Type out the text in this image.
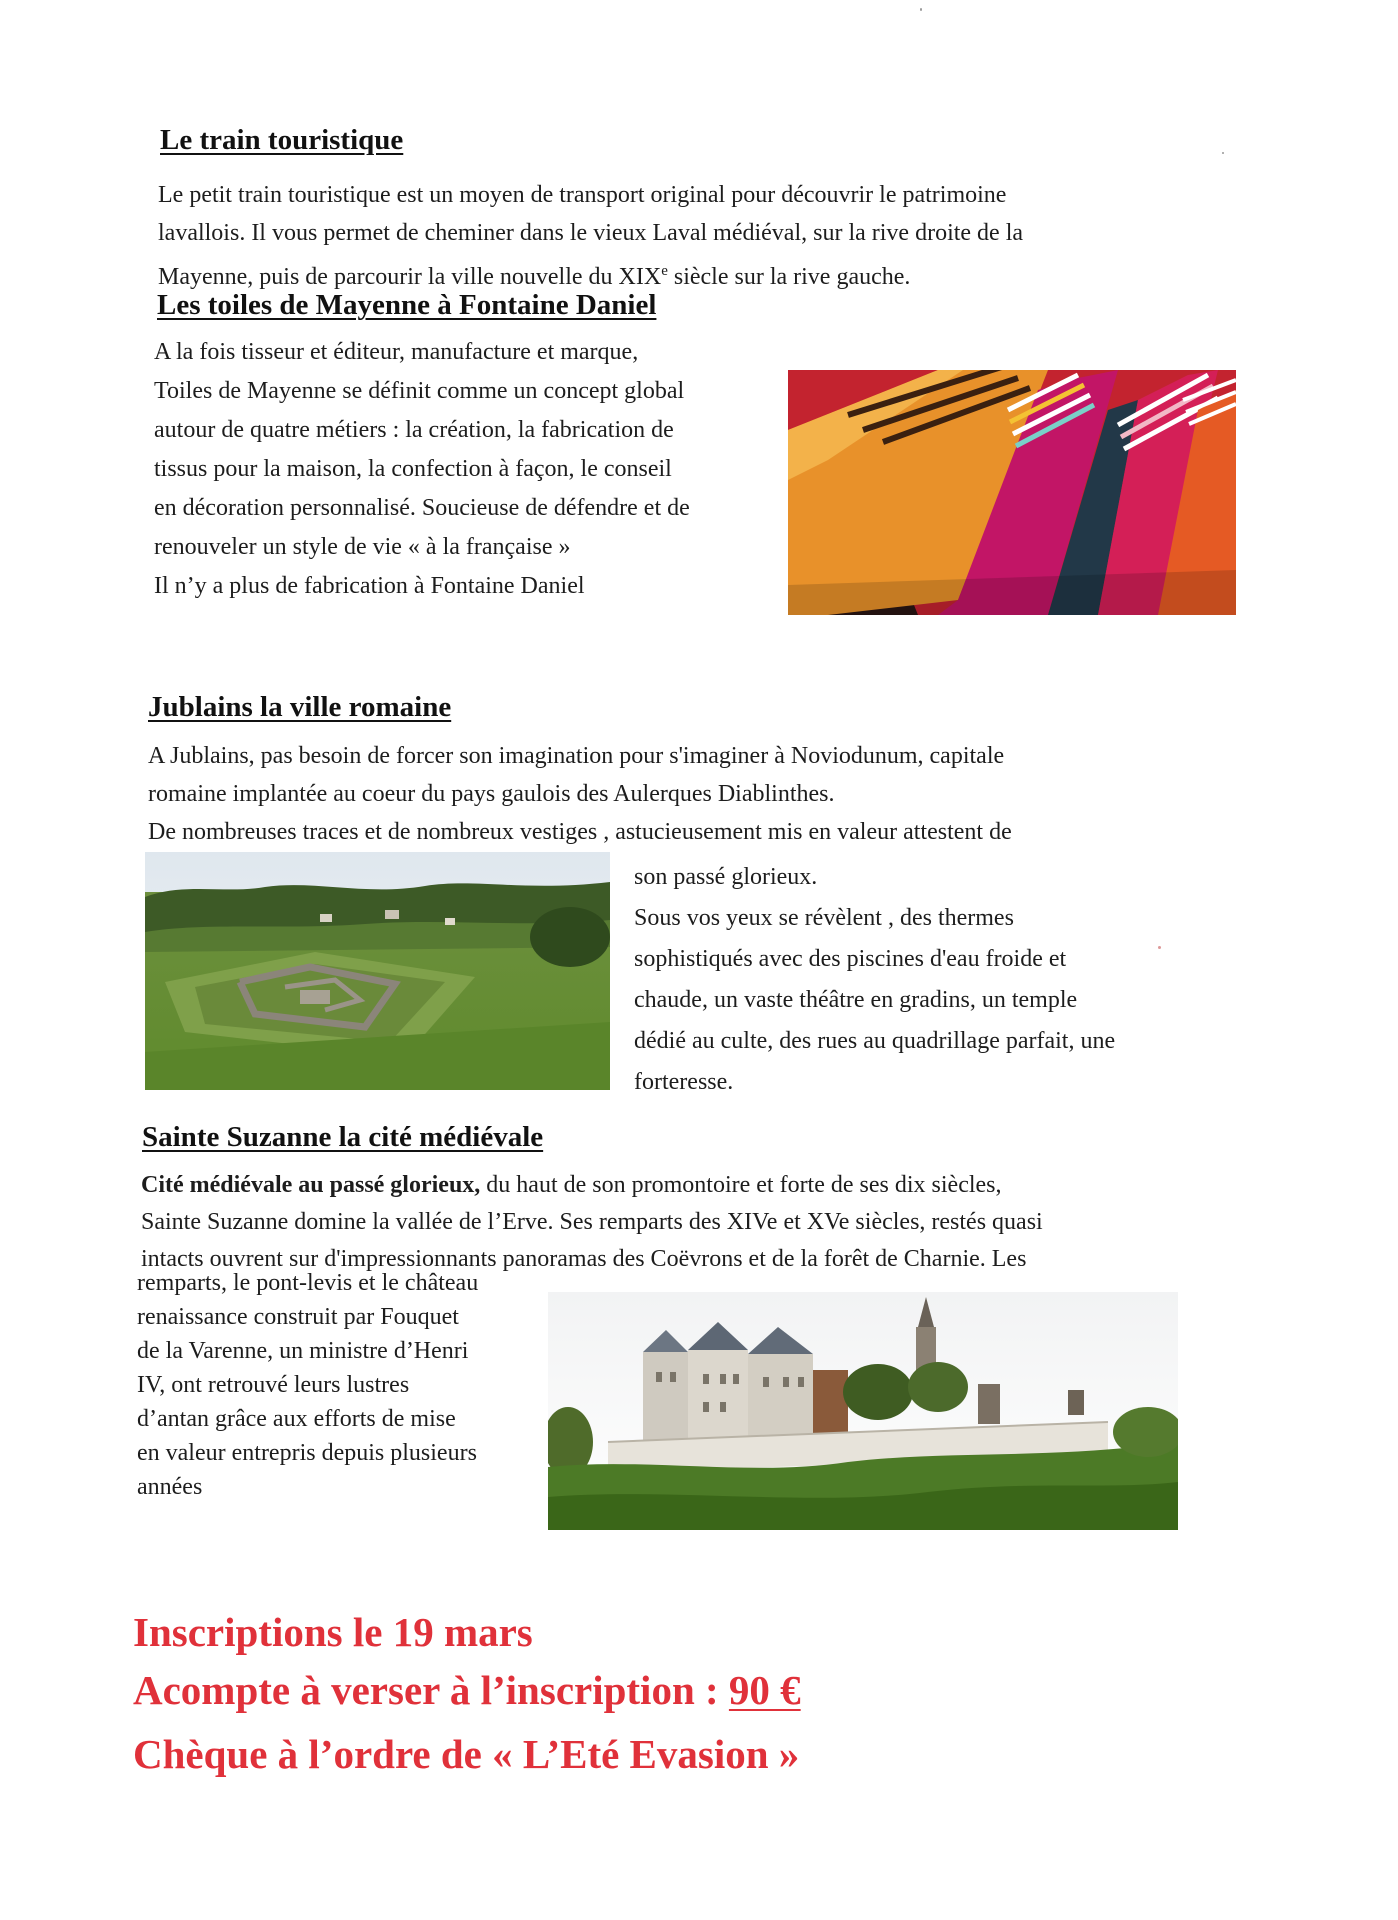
Le train touristique

Le petit train touristique est un moyen de transport original pour découvrir le patrimoine
lavallois. Il vous permet de cheminer dans le vieux Laval médiéval, sur la rive droite de la
Mayenne, puis de parcourir la ville nouvelle du XIXe siècle sur la rive gauche.

Les toiles de Mayenne à Fontaine Daniel

A la fois tisseur et éditeur, manufacture et marque,
Toiles de Mayenne se définit comme un concept global
autour de quatre métiers : la création, la fabrication de
tissus pour la maison, la confection à façon, le conseil
en décoration personnalisé. Soucieuse de défendre et de
renouveler un style de vie « à la française »
Il n’y a plus de fabrication à Fontaine Daniel

Jublains la ville romaine

A Jublains, pas besoin de forcer son imagination pour s'imaginer à Noviodunum, capitale
romaine implantée au coeur du pays gaulois des Aulerques Diablinthes.
De nombreuses traces et de nombreux vestiges , astucieusement mis en valeur attestent de

son passé glorieux.
Sous vos yeux se révèlent , des thermes
sophistiqués avec des piscines d'eau froide et
chaude, un vaste théâtre en gradins, un temple
dédié au culte, des rues au quadrillage parfait, une
forteresse.

Sainte Suzanne la cité médiévale

Cité médiévale au passé glorieux, du haut de son promontoire et forte de ses dix siècles,
Sainte Suzanne domine la vallée de l’Erve. Ses remparts des XIVe et XVe siècles, restés quasi
intacts ouvrent sur d'impressionnants panoramas des Coëvrons et de la forêt de Charnie. Les

remparts, le pont-levis et le château
renaissance construit par Fouquet
de la Varenne, un ministre d’Henri
IV, ont retrouvé leurs lustres
d’antan grâce aux efforts de mise
en valeur entrepris depuis plusieurs
années

Inscriptions le 19 mars
Acompte à verser à l’inscription : 90 €
Chèque à l’ordre de « L’Eté Evasion »
